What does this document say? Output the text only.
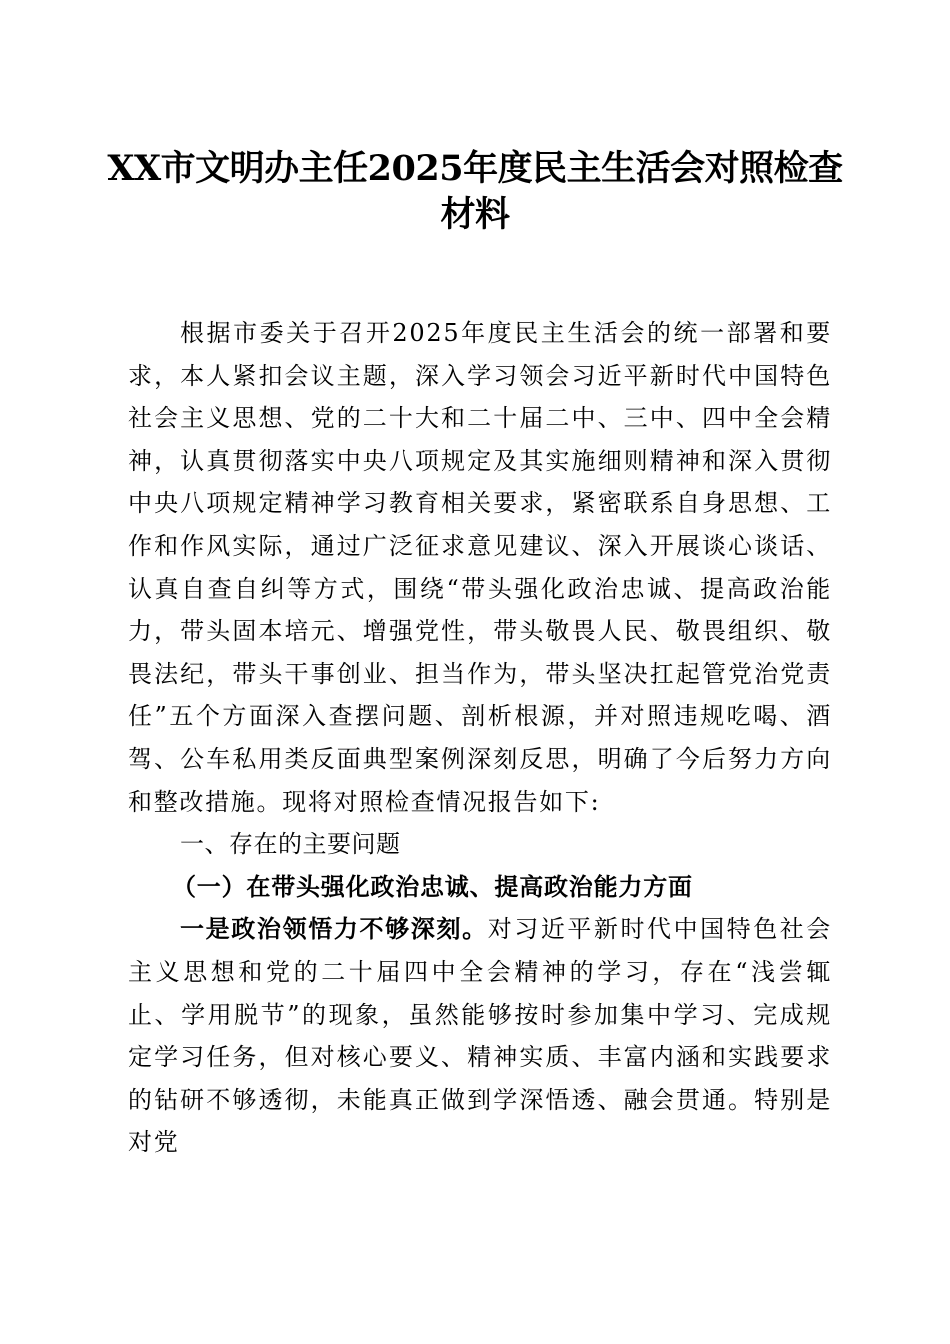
XX市文明办主任2025年度民主生活会对照检查材料

根据市委关于召开2025年度民主生活会的统一部署和要求，本人紧扣会议主题，深入学习领会习近平新时代中国特色社会主义思想、党的二十大和二十届二中、三中、四中全会精神，认真贯彻落实中央八项规定及其实施细则精神和深入贯彻中央八项规定精神学习教育相关要求，紧密联系自身思想、工作和作风实际，通过广泛征求意见建议、深入开展谈心谈话、认真自查自纠等方式，围绕“带头强化政治忠诚、提高政治能力，带头固本培元、增强党性，带头敬畏人民、敬畏组织、敬畏法纪，带头干事创业、担当作为，带头坚决扛起管党治党责任”五个方面深入查摆问题、剖析根源，并对照违规吃喝、酒驾、公车私用类反面典型案例深刻反思，明确了今后努力方向和整改措施。现将对照检查情况报告如下:

一、存在的主要问题
（一）在带头强化政治忠诚、提高政治能力方面

一是政治领悟力不够深刻。对习近平新时代中国特色社会主义思想和党的二十届四中全会精神的学习，存在“浅尝辄止、学用脱节”的现象，虽然能够按时参加集中学习、完成规定学习任务，但对核心要义、精神实质、丰富内涵和实践要求的钻研不够透彻，未能真正做到学深悟透、融会贯通。特别是对党
